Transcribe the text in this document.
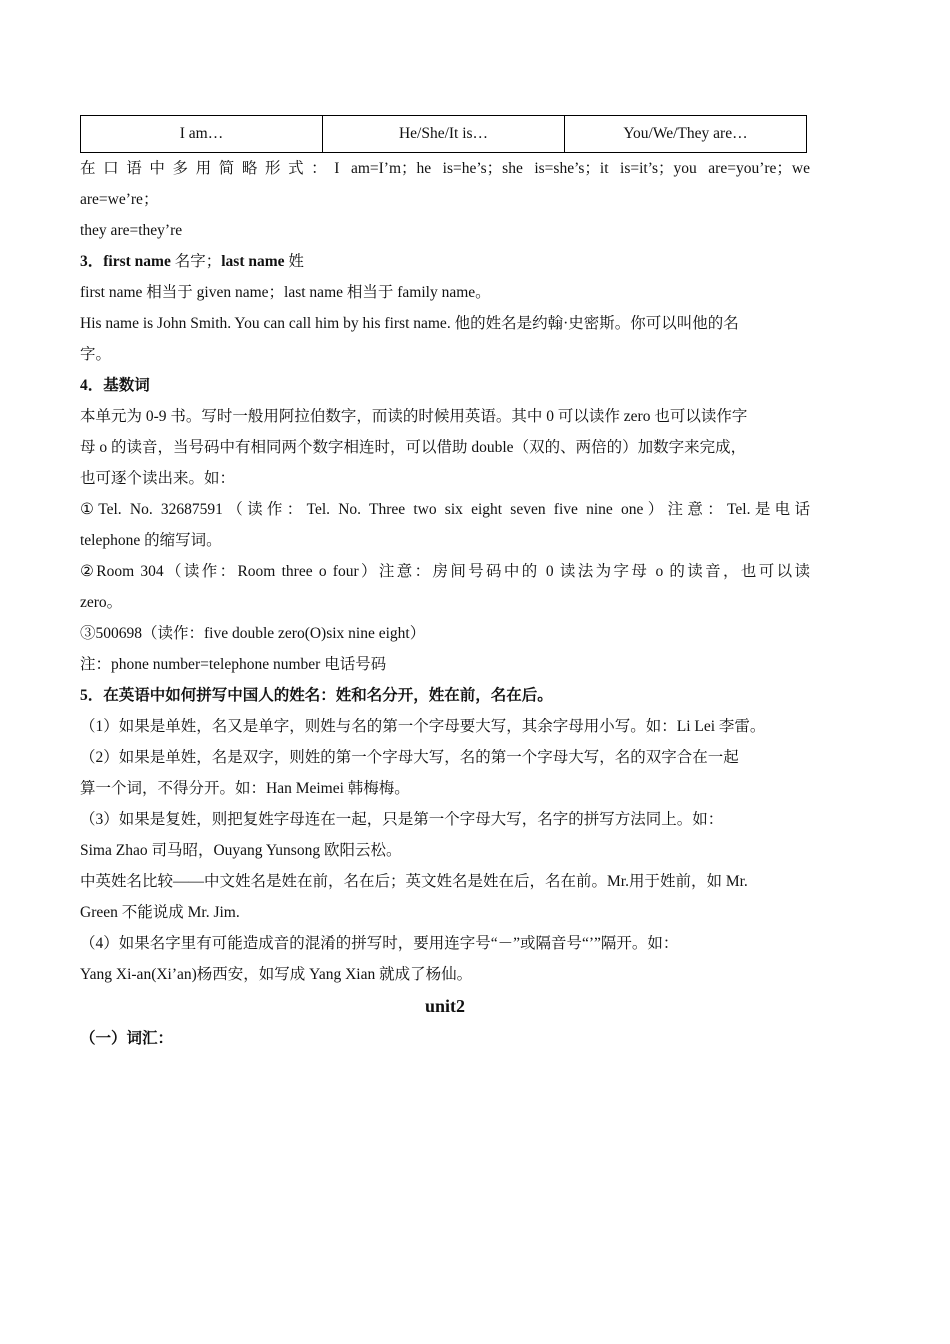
I am…	He/She/It is…	You/We/They are…

在口语中多用简略形式：I am=I’m；he is=he’s；she is=she’s；it is=it’s；you are=you’re；we

are=we’re；

they are=they’re

3．first name 名字；last name 姓

first name 相当于 given name；last name 相当于 family name。

His name is John Smith. You can call him by his first name. 他的姓名是约翰·史密斯。你可以叫他的名

字。

4．基数词

本单元为 0-9 书。写时一般用阿拉伯数字，而读的时候用英语。其中 0 可以读作 zero 也可以读作字

母 o 的读音，当号码中有相同两个数字相连时，可以借助 double（双的、两倍的）加数字来完成，

也可逐个读出来。如：

①Tel. No. 32687591（读作：Tel. No. Three two six eight seven five nine one）注意：Tel.是电话

telephone 的缩写词。

②Room 304（读作：Room three o four）注意：房间号码中的 0 读法为字母 o 的读音，也可以读

zero。

③500698（读作：five double zero(O)six nine eight）

注：phone number=telephone number 电话号码

5．在英语中如何拼写中国人的姓名：姓和名分开，姓在前，名在后。

（1）如果是单姓，名又是单字，则姓与名的第一个字母要大写，其余字母用小写。如：Li Lei 李雷。

（2）如果是单姓，名是双字，则姓的第一个字母大写，名的第一个字母大写，名的双字合在一起

算一个词，不得分开。如：Han Meimei 韩梅梅。

（3）如果是复姓，则把复姓字母连在一起，只是第一个字母大写，名字的拼写方法同上。如：

Sima Zhao 司马昭，Ouyang Yunsong 欧阳云松。

中英姓名比较——中文姓名是姓在前，名在后；英文姓名是姓在后，名在前。Mr.用于姓前，如 Mr.

Green 不能说成 Mr. Jim.

（4）如果名字里有可能造成音的混淆的拼写时，要用连字号“－”或隔音号“’”隔开。如：

Yang Xi-an(Xi’an)杨西安，如写成 Yang Xian 就成了杨仙。

unit2

（一）词汇：
